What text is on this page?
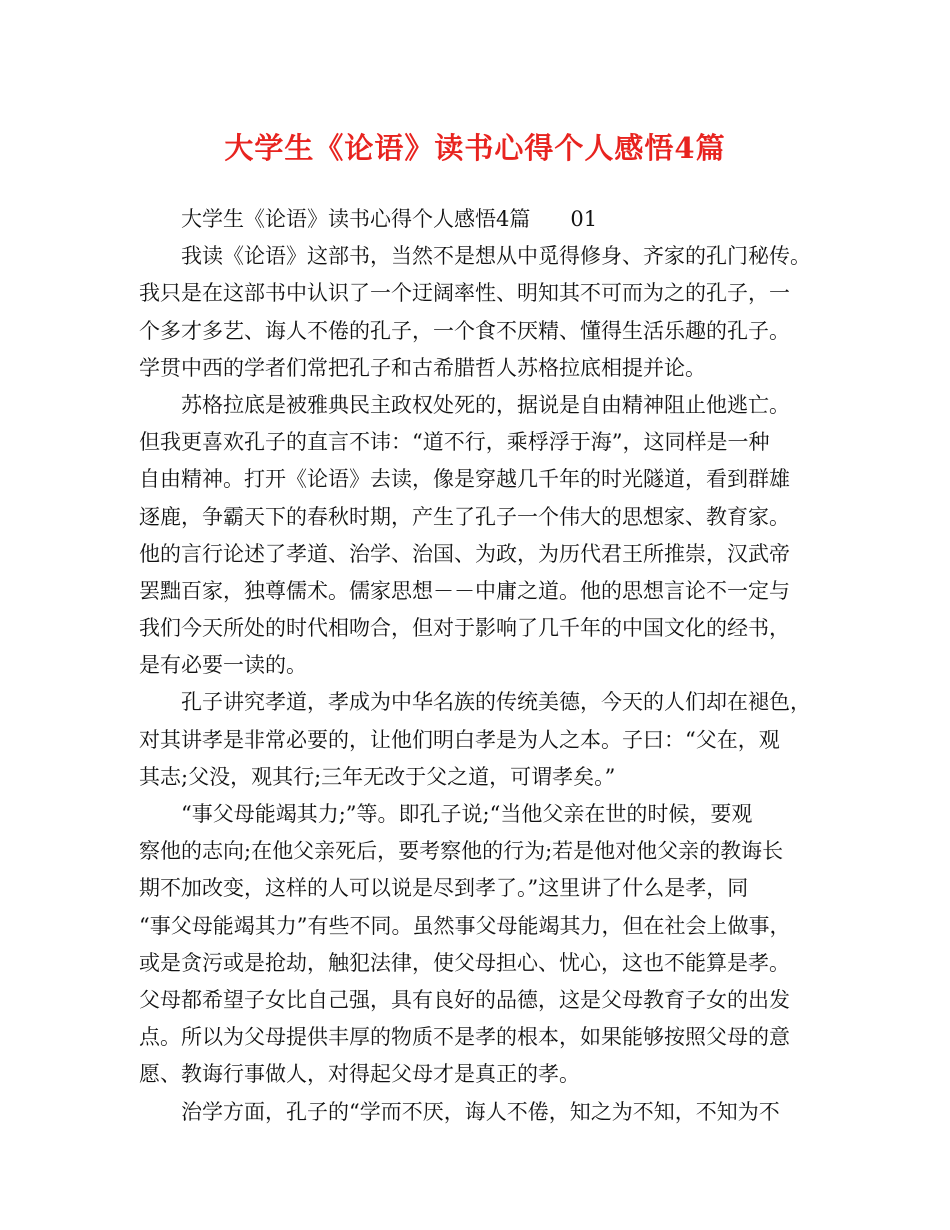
大学生《论语》读书心得个人感悟4篇
大学生《论语》读书心得个人感悟4篇 01
我读《论语》这部书，当然不是想从中觅得修身、齐家的孔门秘传。
我只是在这部书中认识了一个迂阔率性、明知其不可而为之的孔子，一
个多才多艺、诲人不倦的孔子，一个食不厌精、懂得生活乐趣的孔子。
学贯中西的学者们常把孔子和古希腊哲人苏格拉底相提并论。
苏格拉底是被雅典民主政权处死的，据说是自由精神阻止他逃亡。
但我更喜欢孔子的直言不讳：“道不行，乘桴浮于海”，这同样是一种
自由精神。打开《论语》去读，像是穿越几千年的时光隧道，看到群雄
逐鹿，争霸天下的春秋时期，产生了孔子一个伟大的思想家、教育家。
他的言行论述了孝道、治学、治国、为政，为历代君王所推崇，汉武帝
罢黜百家，独尊儒术。儒家思想－－中庸之道。他的思想言论不一定与
我们今天所处的时代相吻合，但对于影响了几千年的中国文化的经书，
是有必要一读的。
孔子讲究孝道，孝成为中华名族的传统美德，今天的人们却在褪色，
对其讲孝是非常必要的，让他们明白孝是为人之本。子曰：“父在，观
其志;父没，观其行;三年无改于父之道，可谓孝矣。”
“事父母能竭其力;”等。即孔子说;“当他父亲在世的时候，要观
察他的志向;在他父亲死后，要考察他的行为;若是他对他父亲的教诲长
期不加改变，这样的人可以说是尽到孝了。”这里讲了什么是孝，同
“事父母能竭其力”有些不同。虽然事父母能竭其力，但在社会上做事，
或是贪污或是抢劫，触犯法律，使父母担心、忧心，这也不能算是孝。
父母都希望子女比自己强，具有良好的品德，这是父母教育子女的出发
点。所以为父母提供丰厚的物质不是孝的根本，如果能够按照父母的意
愿、教诲行事做人，对得起父母才是真正的孝。
治学方面，孔子的“学而不厌，诲人不倦，知之为不知，不知为不
